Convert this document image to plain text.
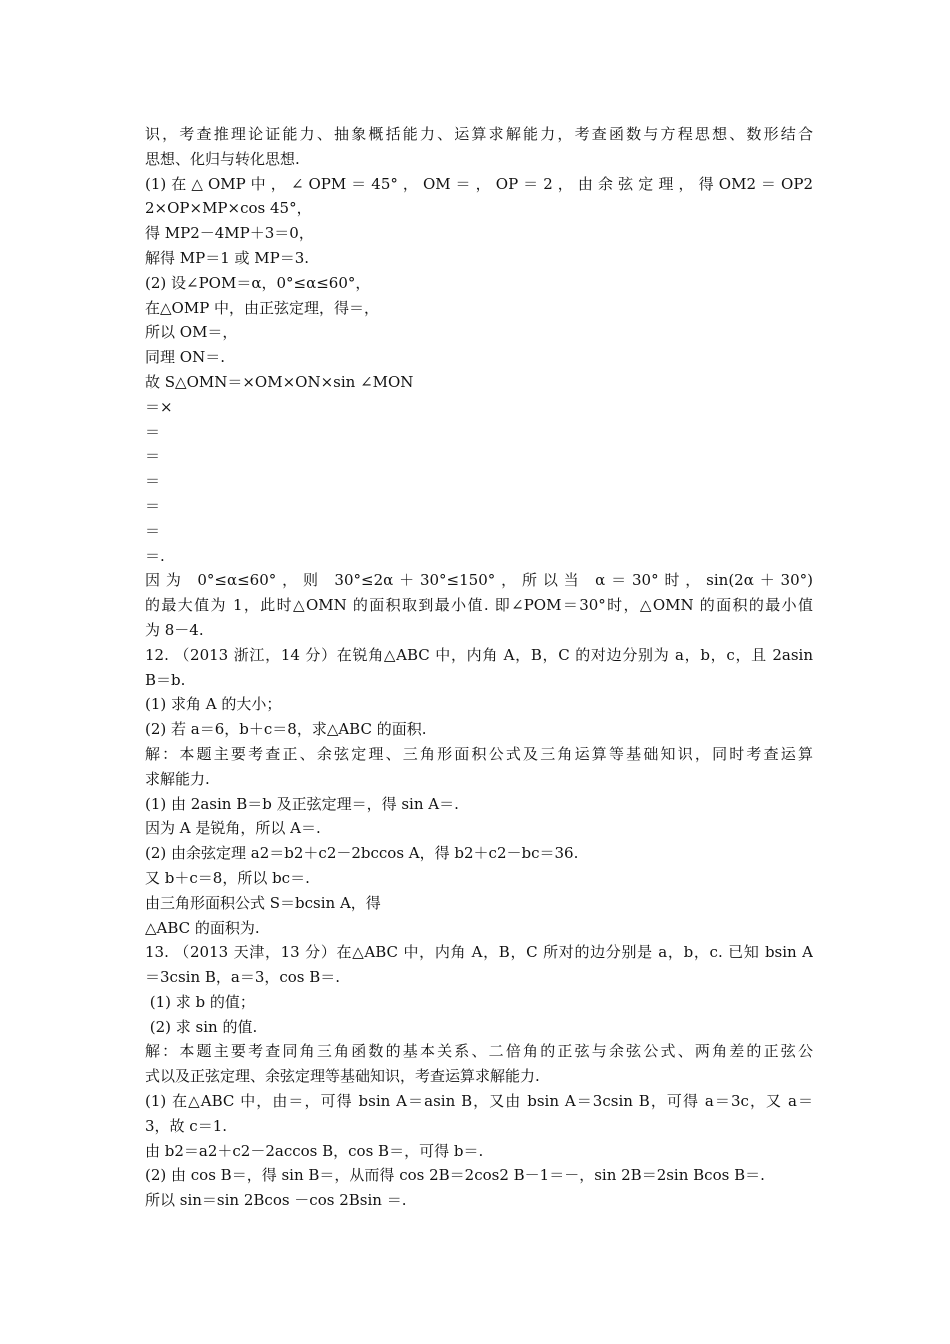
识，考查推理论证能力、抽象概括能力、运算求解能力，考查函数与方程思想、数形结合
思想、化归与转化思想.
(1) 在 △ OMP 中 ， ∠ OPM ＝ 45° ， OM ＝ ， OP ＝ 2 ， 由 余 弦 定 理 ， 得 OM2 ＝ OP2
2×OP×MP×cos 45°，
得 MP2－4MP＋3＝0，
解得 MP＝1 或 MP＝3.
(2) 设∠POM＝α，0°≤α≤60°，
在△OMP 中，由正弦定理，得＝，
所以 OM＝，
同理 ON＝.
故 S△OMN＝×OM×ON×sin ∠MON
＝×
＝
＝
＝
＝
＝
＝.
因为 0°≤α≤60°，则 30°≤2α＋30°≤150°，所以当 α＝30°时，sin(2α＋30°)
的最大值为 1，此时△OMN 的面积取到最小值. 即∠POM＝30°时，△OMN 的面积的最小值
为 8－4.
12. （2013 浙江，14 分）在锐角△ABC 中，内角 A，B，C 的对边分别为 a，b，c，且 2asin
B＝b.
(1) 求角 A 的大小；
(2) 若 a＝6，b＋c＝8，求△ABC 的面积.
解：本题主要考查正、余弦定理、三角形面积公式及三角运算等基础知识，同时考查运算
求解能力.
(1) 由 2asin B＝b 及正弦定理＝，得 sin A＝.
因为 A 是锐角，所以 A＝.
(2) 由余弦定理 a2＝b2＋c2－2bccos A，得 b2＋c2－bc＝36.
又 b＋c＝8，所以 bc＝.
由三角形面积公式 S＝bcsin A，得
△ABC 的面积为.
13. （2013 天津，13 分）在△ABC 中，内角 A，B，C 所对的边分别是 a，b，c. 已知 bsin A
＝3csin B，a＝3，cos B＝.
(1) 求 b 的值；
(2) 求 sin 的值.
解：本题主要考查同角三角函数的基本关系、二倍角的正弦与余弦公式、两角差的正弦公
式以及正弦定理、余弦定理等基础知识，考查运算求解能力.
(1) 在△ABC 中，由＝，可得 bsin A＝asin B，又由 bsin A＝3csin B，可得 a＝3c，又 a＝
3，故 c＝1.
由 b2＝a2＋c2－2accos B，cos B＝，可得 b＝.
(2) 由 cos B＝，得 sin B＝，从而得 cos 2B＝2cos2 B－1＝－，sin 2B＝2sin Bcos B＝.
所以 sin＝sin 2Bcos －cos 2Bsin ＝.
